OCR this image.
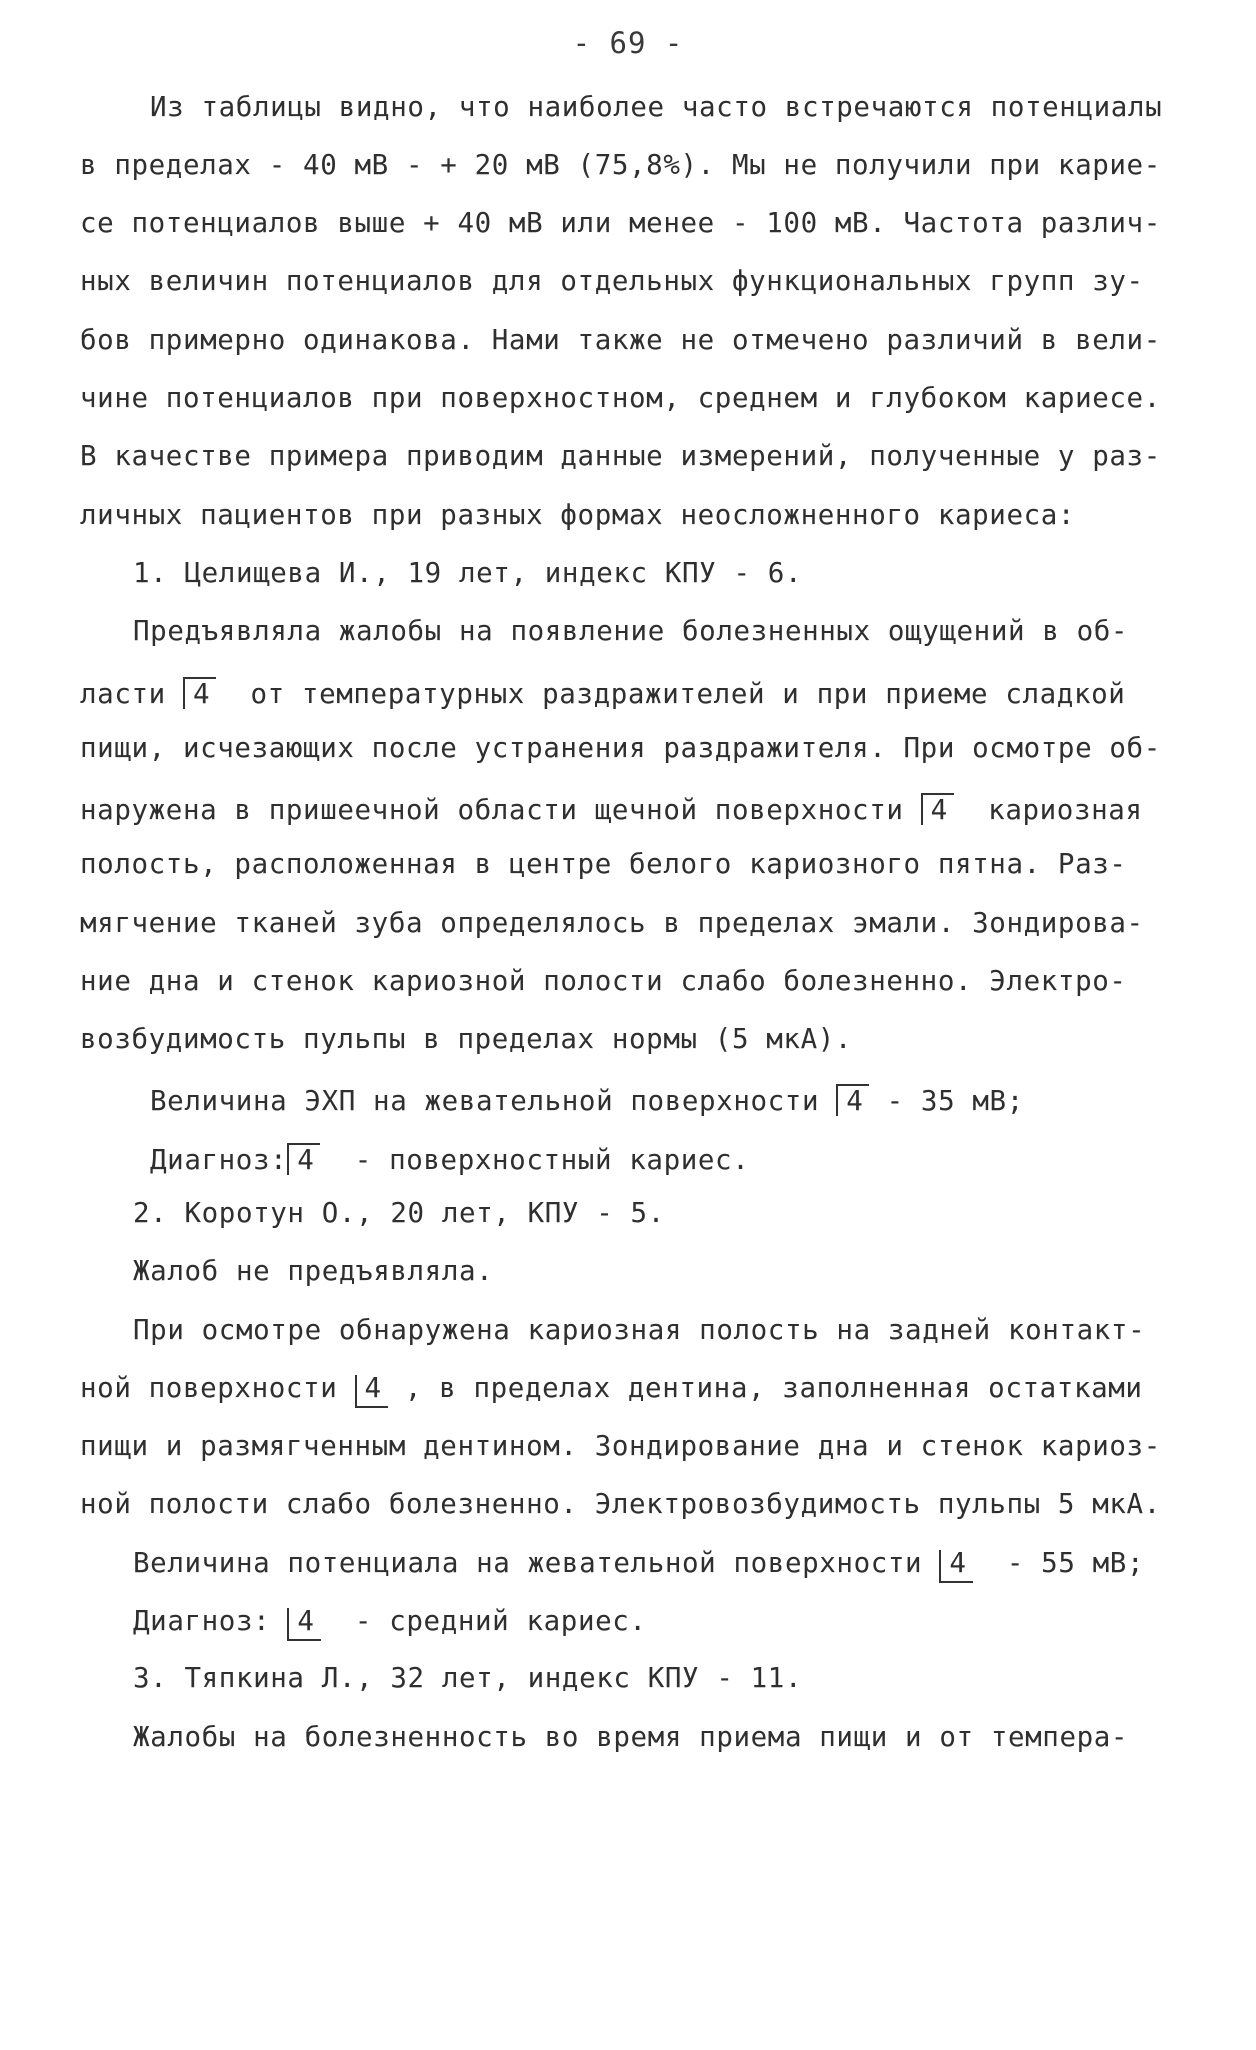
- 69 -
Из таблицы видно, что наиболее часто встречаются потенциалы
в пределах - 40 мВ - + 20 мВ (75,8%). Мы не получили при карие-
се потенциалов выше + 40 мВ или менее - 100 мВ. Частота различ-
ных величин потенциалов для отдельных функциональных групп зу-
бов примерно одинакова. Нами также не отмечено различий в вели-
чине потенциалов при поверхностном, среднем и глубоком кариесе.
В качестве примера приводим данные измерений, полученные у раз-
личных пациентов при разных формах неосложненного кариеса:
1. Целищева И., 19 лет, индекс КПУ - 6.
Предъявляла жалобы на появление болезненных ощущений в об-
ласти 4  от температурных раздражителей и при приеме сладкой
пищи, исчезающих после устранения раздражителя. При осмотре об-
наружена в пришеечной области щечной поверхности 4  кариозная
полость, расположенная в центре белого кариозного пятна. Раз-
мягчение тканей зуба определялось в пределах эмали. Зондирова-
ние дна и стенок кариозной полости слабо болезненно. Электро-
возбудимость пульпы в пределах нормы (5 мкА).
Величина ЭХП на жевательной поверхности 4 - 35 мВ;
Диагноз: 4  - поверхностный кариес.
2. Коротун О., 20 лет, КПУ - 5.
Жалоб не предъявляла.
При осмотре обнаружена кариозная полость на задней контакт-
ной поверхности 4 , в пределах дентина, заполненная остатками
пищи и размягченным дентином. Зондирование дна и стенок кариоз-
ной полости слабо болезненно. Электровозбудимость пульпы 5 мкА.
Величина потенциала на жевательной поверхности 4  - 55 мВ;
Диагноз: 4  - средний кариес.
3. Тяпкина Л., 32 лет, индекс КПУ - 11.
Жалобы на болезненность во время приема пищи и от темпера-
